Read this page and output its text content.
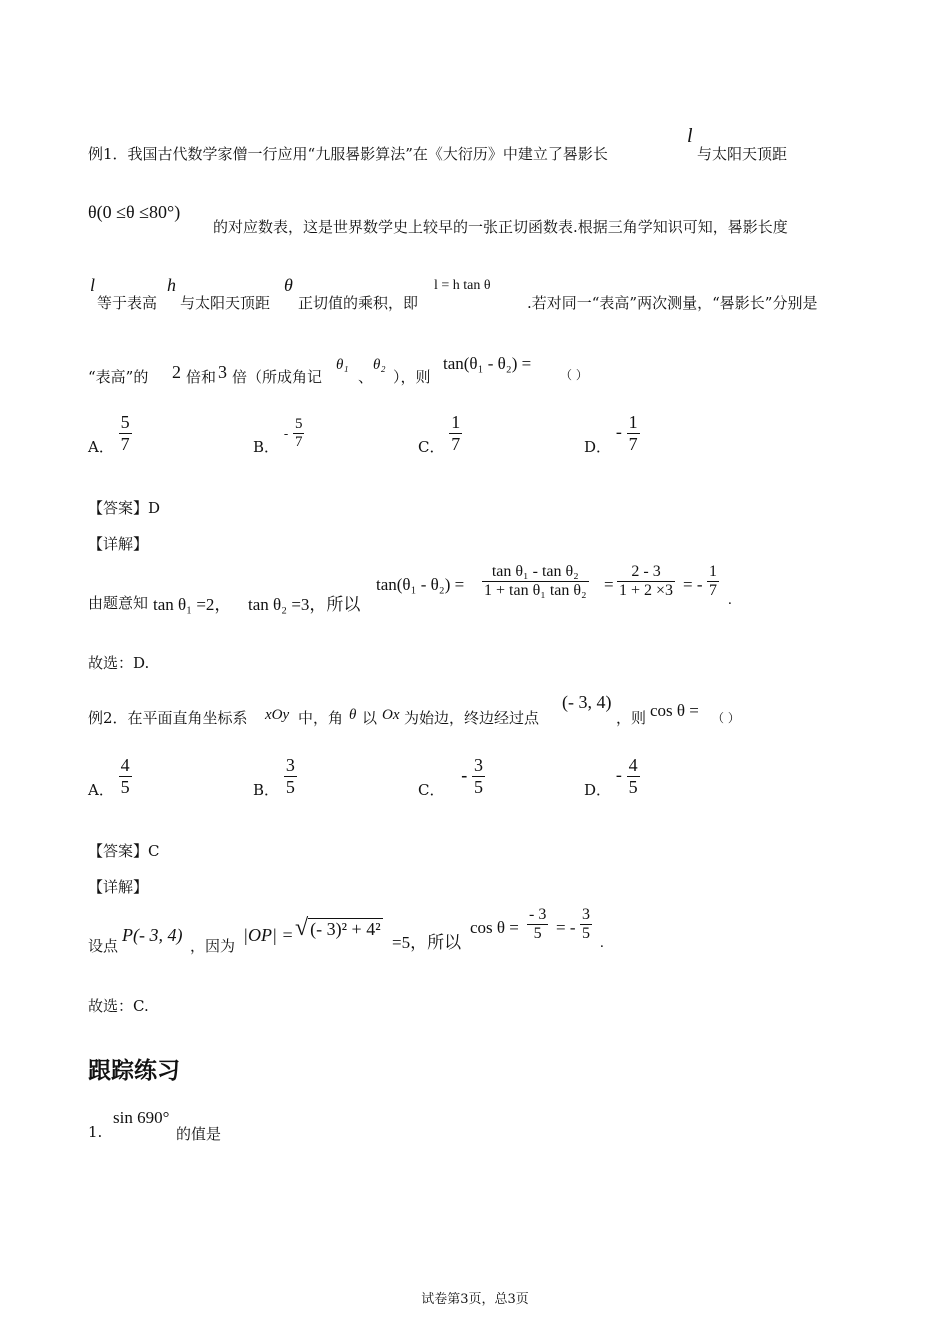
例1．我国古代数学家僧一行应用“九服晷影算法”在《大衍历》中建立了晷影长
l
与太阳天顶距
θ(0 ≤θ ≤80°)
的对应数表，这是世界数学史上较早的一张正切函数表.根据三角学知识可知，晷影长度
l
等于表高
h
与太阳天顶距
θ
正切值的乘积，即
l = h tan θ
.若对同一“表高”两次测量，“晷影长”分别是
“表高”的 2 倍和 3 倍（所成角记
θ₁
、
θ₂
），则
tan(θ₁ - θ₂) =
（ ）
A． $\frac{5}{7}$	B． - $\frac{5}{7}$	C． $\frac{1}{7}$	D． - $\frac{1}{7}$
【答案】D
【详解】
由题意知 tan θ₁ =2， tan θ₂ =3，所以
$\tan(\theta_1 - \theta_2) = \frac{\text{tan θ₁ - tan θ₂}}{\text{1 + tan θ₁ tan θ₂}} = \frac{2 - 3}{1 + 2 \times 3}$ = - $\frac{1}{7}$ .
故选：D.
例2．在平面直角坐标系 xOy 中，角 θ 以 Ox 为始边，终边经过点
(- 3, 4)
，则 cos θ = （ ）
A． $\frac{4}{5}$	B． $\frac{3}{5}$	C． - $\frac{3}{5}$	D． - $\frac{4}{5}$
【答案】C
【详解】
设点
P(- 3, 4)
，因为
|OP| = √ (- 3)² + 4²
=5，所以
$\cos \theta = \frac{- 3}{5}$ = - $\frac{3}{5}$ .
故选：C.
跟踪练习
1.
sin 690°
的值是
试卷第3页，总3页
